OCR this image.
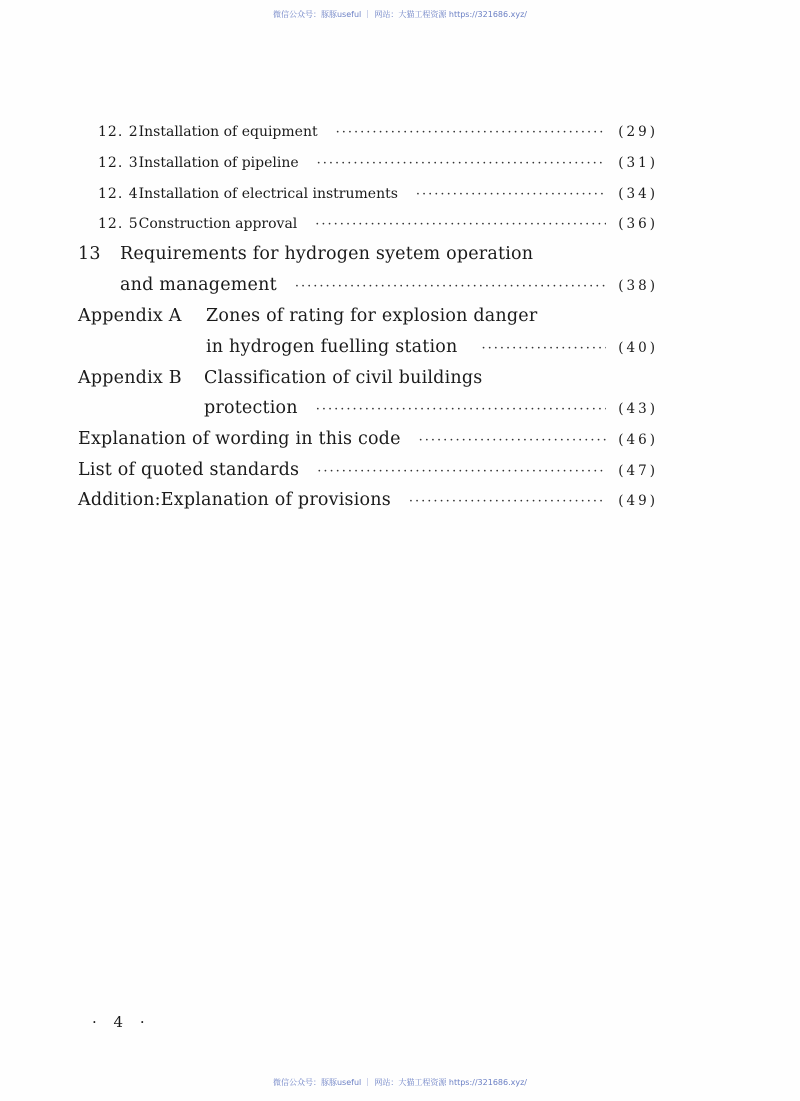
微信公众号：豚豚useful ｜ 网站：大猫工程资源 https://321686.xyz/
12. 2 Installation of equipment ·····	(29)
12. 3 Installation of pipeline ·····	(31)
12. 4 Installation of electrical instruments ·····	(34)
12. 5 Construction approval ·····	(36)
13	Requirements for hydrogen syetem operation
and management ·····	(38)
Appendix A	Zones of rating for explosion danger
in hydrogen fuelling station ·····	(40)
Appendix B	Classification of civil buildings
protection ·····	(43)
Explanation of wording in this code ·····	(46)
List of quoted standards ·····	(47)
Addition:Explanation of provisions ·····	(49)
· 4 ·
微信公众号：豚豚useful ｜ 网站：大猫工程资源 https://321686.xyz/
